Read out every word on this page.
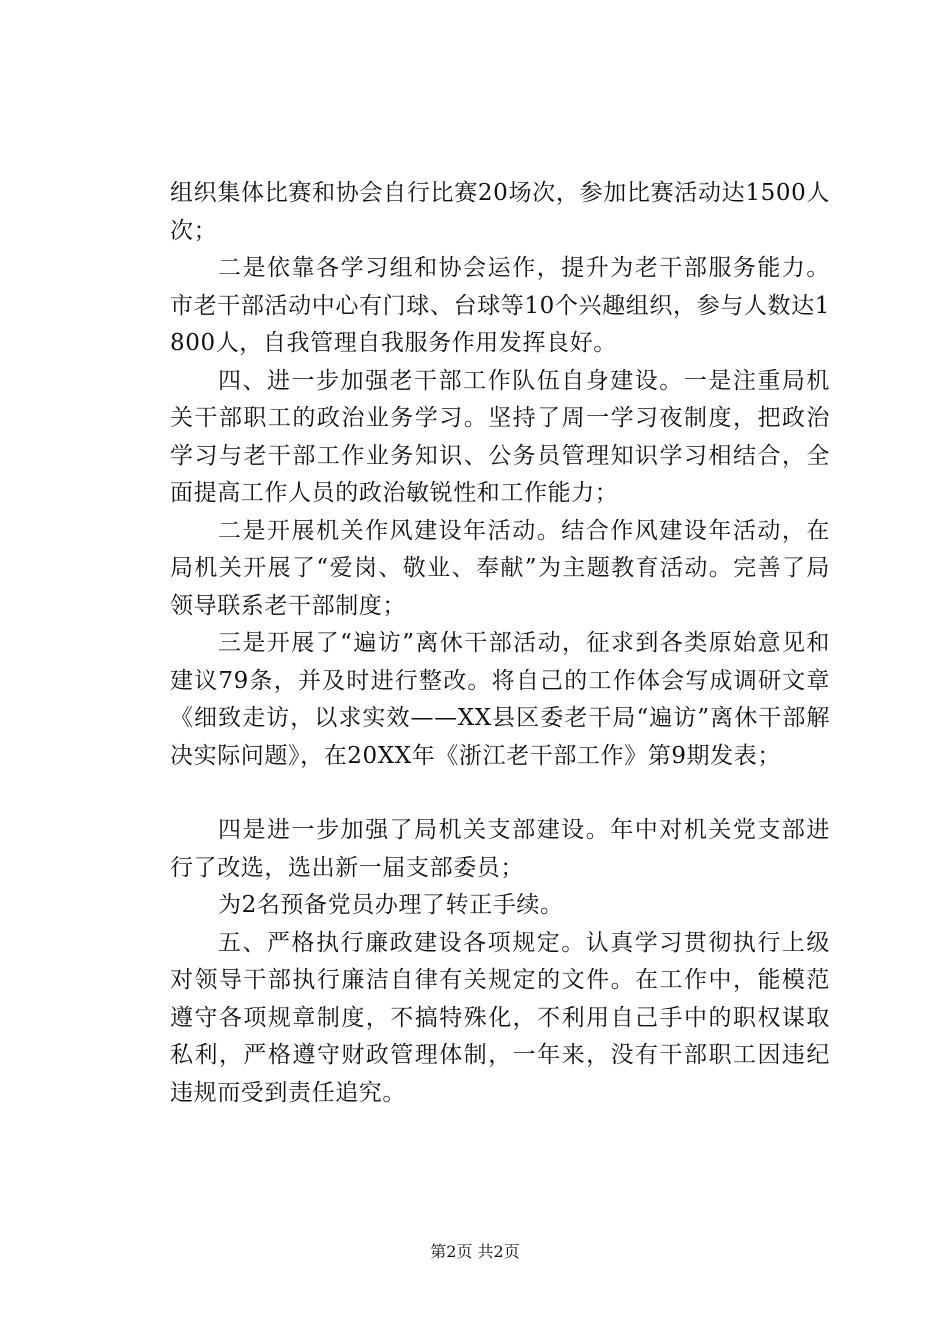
组织集体比赛和协会自行比赛20场次，参加比赛活动达1500人次；

二是依靠各学习组和协会运作，提升为老干部服务能力。市老干部活动中心有门球、台球等10个兴趣组织，参与人数达1800人，自我管理自我服务作用发挥良好。

四、进一步加强老干部工作队伍自身建设。一是注重局机关干部职工的政治业务学习。坚持了周一学习夜制度，把政治学习与老干部工作业务知识、公务员管理知识学习相结合，全面提高工作人员的政治敏锐性和工作能力；

二是开展机关作风建设年活动。结合作风建设年活动，在局机关开展了“爱岗、敬业、奉献”为主题教育活动。完善了局领导联系老干部制度；

三是开展了“遍访”离休干部活动，征求到各类原始意见和建议79条，并及时进行整改。将自己的工作体会写成调研文章《细致走访，以求实效——XX县区委老干局“遍访”离休干部解决实际问题》，在20XX年《浙江老干部工作》第9期发表；

四是进一步加强了局机关支部建设。年中对机关党支部进行了改选，选出新一届支部委员；

为2名预备党员办理了转正手续。

五、严格执行廉政建设各项规定。认真学习贯彻执行上级对领导干部执行廉洁自律有关规定的文件。在工作中，能模范遵守各项规章制度，不搞特殊化，不利用自己手中的职权谋取私利，严格遵守财政管理体制，一年来，没有干部职工因违纪违规而受到责任追究。

第2页 共2页
